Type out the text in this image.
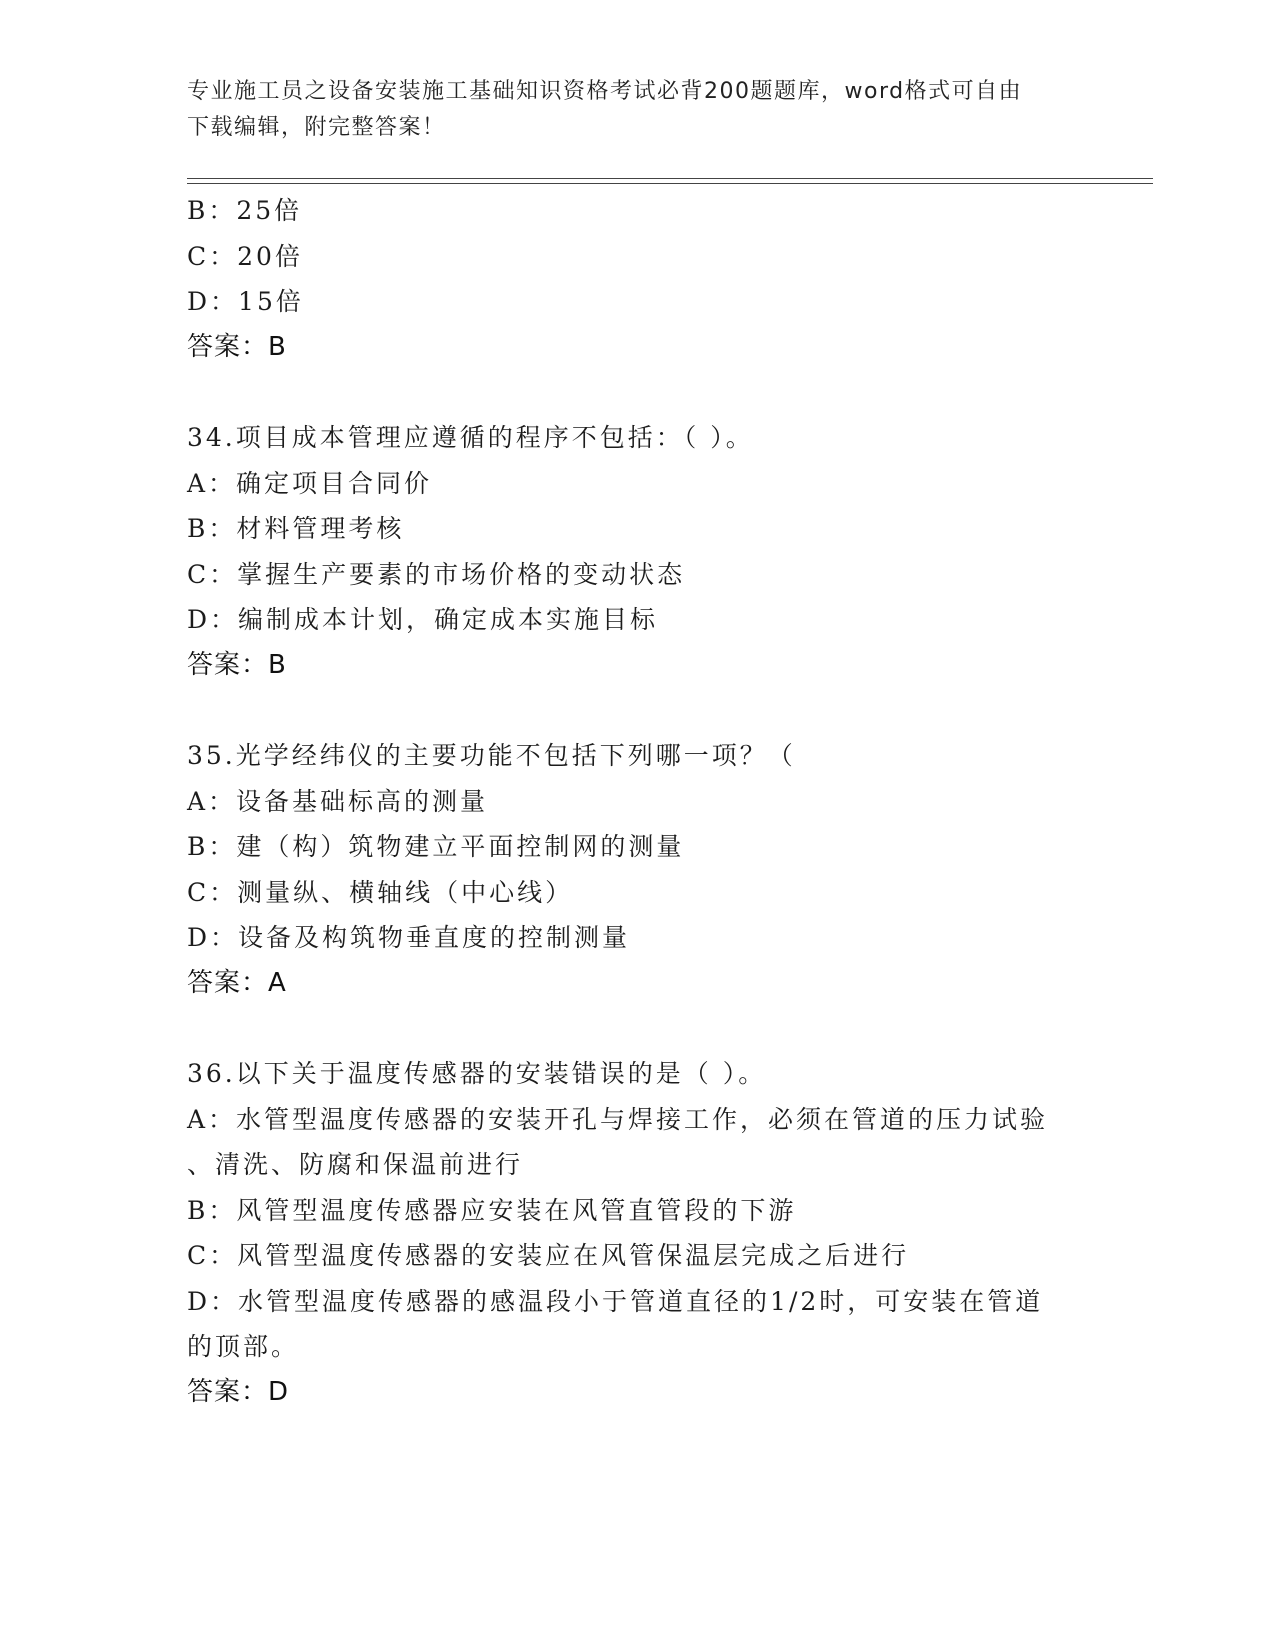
专业施工员之设备安装施工基础知识资格考试必背200题题库，word格式可自由
下载编辑，附完整答案！
B：25倍
C：20倍
D：15倍
答案：B
34.项目成本管理应遵循的程序不包括：（ ）。
A：确定项目合同价
B：材料管理考核
C：掌握生产要素的市场价格的变动状态
D：编制成本计划，确定成本实施目标
答案：B
35.光学经纬仪的主要功能不包括下列哪一项？（
A：设备基础标高的测量
B：建（构）筑物建立平面控制网的测量
C：测量纵、横轴线（中心线）
D：设备及构筑物垂直度的控制测量
答案：A
36.以下关于温度传感器的安装错误的是（ ）。
A：水管型温度传感器的安装开孔与焊接工作，必须在管道的压力试验
、清洗、防腐和保温前进行
B：风管型温度传感器应安装在风管直管段的下游
C：风管型温度传感器的安装应在风管保温层完成之后进行
D：水管型温度传感器的感温段小于管道直径的1/2时，可安装在管道
的顶部。
答案：D
